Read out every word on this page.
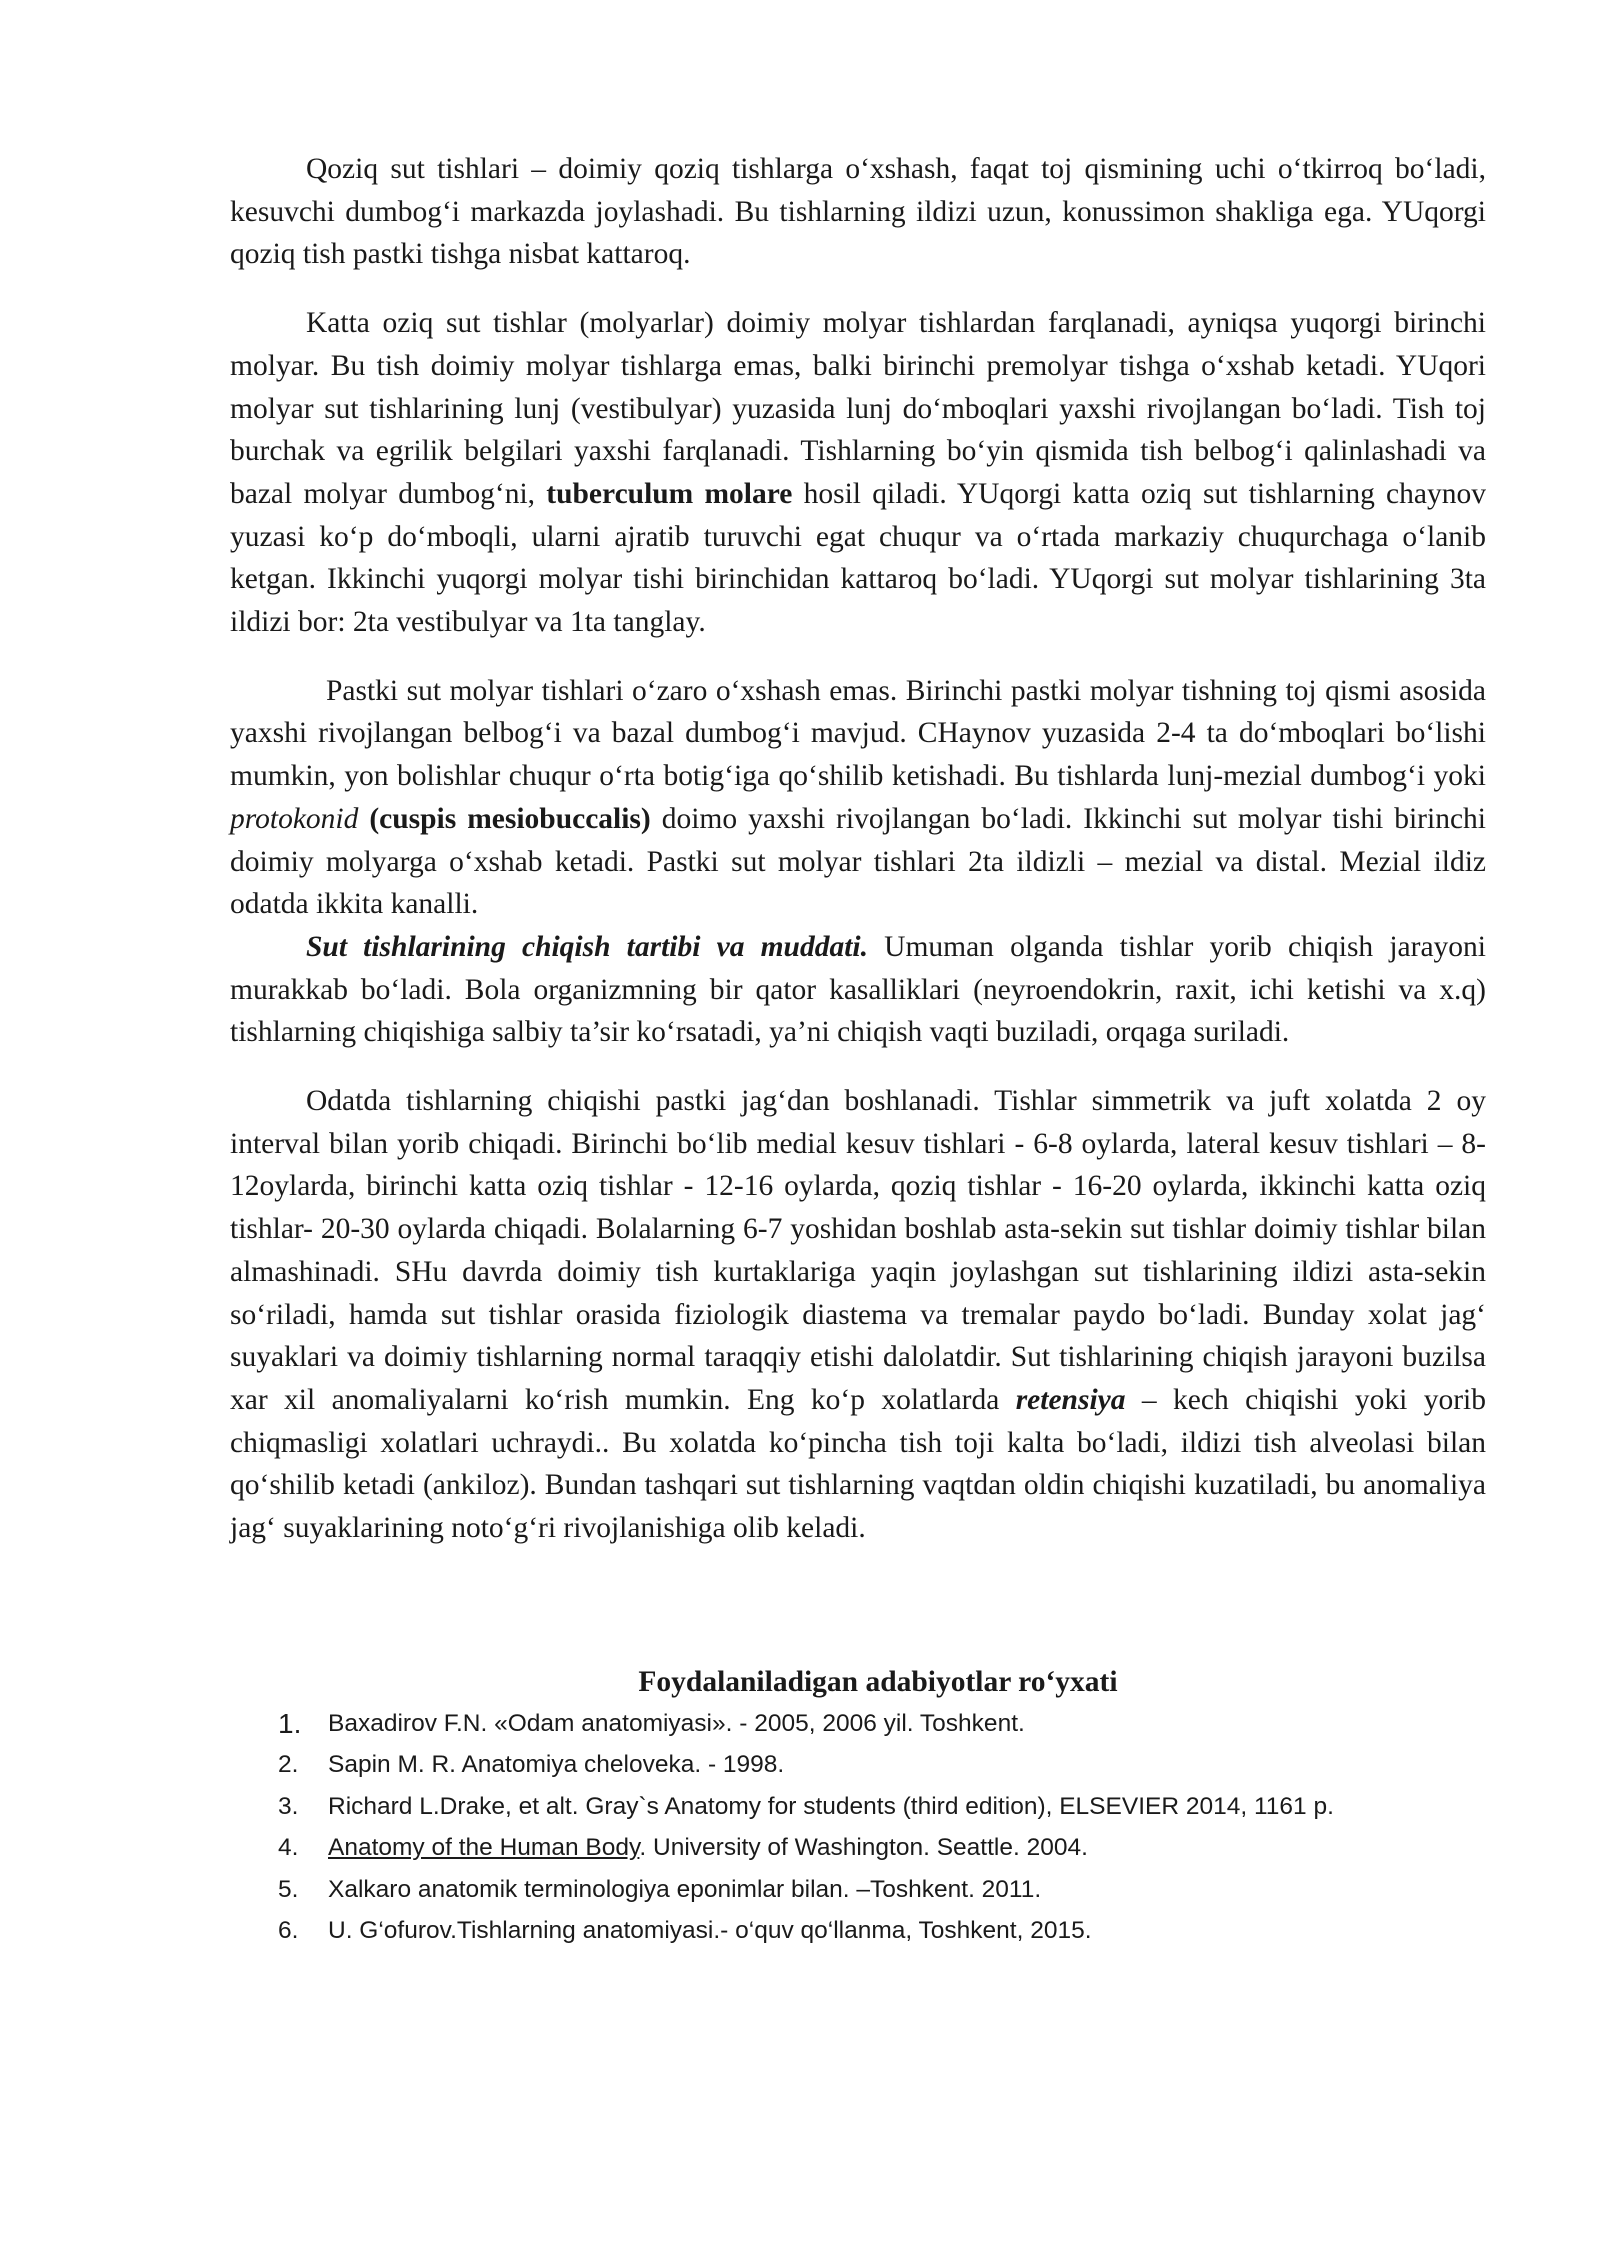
Qoziq sut tishlari – doimiy qoziq tishlarga o‘xshash, faqat toj qismining uchi o‘tkirroq bo‘ladi, kesuvchi dumbog‘i markazda joylashadi. Bu tishlarning ildizi uzun, konussimon shakliga ega. YUqorgi qoziq tish pastki tishga nisbat kattaroq.

Katta oziq sut tishlar (molyarlar) doimiy molyar tishlardan farqlanadi, ayniqsa yuqorgi birinchi molyar. Bu tish doimiy molyar tishlarga emas, balki birinchi premolyar tishga o‘xshab ketadi. YUqori molyar sut tishlarining lunj (vestibulyar) yuzasida lunj do‘mboqlari yaxshi rivojlangan bo‘ladi. Tish toj burchak va egrilik belgilari yaxshi farqlanadi. Tishlarning bo‘yin qismida tish belbog‘i qalinlashadi va bazal molyar dumbog‘ni, tuberculum molare hosil qiladi. YUqorgi katta oziq sut tishlarning chaynov yuzasi ko‘p do‘mboqli, ularni ajratib turuvchi egat chuqur va o‘rtada markaziy chuqurchaga o‘lanib ketgan. Ikkinchi yuqorgi molyar tishi birinchidan kattaroq bo‘ladi. YUqorgi sut molyar tishlarining 3ta ildizi bor: 2ta vestibulyar va 1ta tanglay.

Pastki sut molyar tishlari o‘zaro o‘xshash emas. Birinchi pastki molyar tishning toj qismi asosida yaxshi rivojlangan belbog‘i va bazal dumbog‘i mavjud. CHaynov yuzasida 2-4 ta do‘mboqlari bo‘lishi mumkin, yon bolishlar chuqur o‘rta botig‘iga qo‘shilib ketishadi. Bu tishlarda lunj-mezial dumbog‘i yoki protokonid (cuspis mesiobuccalis) doimo yaxshi rivojlangan bo‘ladi. Ikkinchi sut molyar tishi birinchi doimiy molyarga o‘xshab ketadi. Pastki sut molyar tishlari 2ta ildizli – mezial va distal. Mezial ildiz odatda ikkita kanalli.

Sut tishlarining chiqish tartibi va muddati. Umuman olganda tishlar yorib chiqish jarayoni murakkab bo‘ladi. Bola organizmning bir qator kasalliklari (neyroendokrin, raxit, ichi ketishi va x.q) tishlarning chiqishiga salbiy ta’sir ko‘rsatadi, ya’ni chiqish vaqti buziladi, orqaga suriladi.

Odatda tishlarning chiqishi pastki jag‘dan boshlanadi. Tishlar simmetrik va juft xolatda 2 oy interval bilan yorib chiqadi. Birinchi bo‘lib medial kesuv tishlari - 6-8 oylarda, lateral kesuv tishlari – 8-12oylarda, birinchi katta oziq tishlar - 12-16 oylarda, qoziq tishlar - 16-20 oylarda, ikkinchi katta oziq tishlar- 20-30 oylarda chiqadi. Bolalarning 6-7 yoshidan boshlab asta-sekin sut tishlar doimiy tishlar bilan almashinadi. SHu davrda doimiy tish kurtaklariga yaqin joylashgan sut tishlarining ildizi asta-sekin so‘riladi, hamda sut tishlar orasida fiziologik diastema va tremalar paydo bo‘ladi. Bunday xolat jag‘ suyaklari va doimiy tishlarning normal taraqqiy etishi dalolatdir. Sut tishlarining chiqish jarayoni buzilsa xar xil anomaliyalarni ko‘rish mumkin. Eng ko‘p xolatlarda retensiya – kech chiqishi yoki yorib chiqmasligi xolatlari uchraydi.. Bu xolatda ko‘pincha tish toji kalta bo‘ladi, ildizi tish alveolasi bilan qo‘shilib ketadi (ankiloz). Bundan tashqari sut tishlarning vaqtdan oldin chiqishi kuzatiladi, bu anomaliya jag‘ suyaklarining noto‘g‘ri rivojlanishiga olib keladi.

Foydalaniladigan adabiyotlar ro‘yxati
1.	Baxadirov F.N. «Odam anatomiyasi». - 2005, 2006 yil. Toshkent.
2.	Sapin M. R. Anatomiya cheloveka. - 1998.
3.	Richard L.Drake, et alt. Gray`s Anatomy for students (third edition), ELSEVIER 2014, 1161 p.
4.	Anatomy of the Human Body. University of Washington. Seattle. 2004.
5.	Xalkaro anatomik terminologiya eponimlar bilan. –Toshkent. 2011.
6.	U. G‘ofurov.Tishlarning anatomiyasi.- o‘quv qo‘llanma, Toshkent, 2015.
